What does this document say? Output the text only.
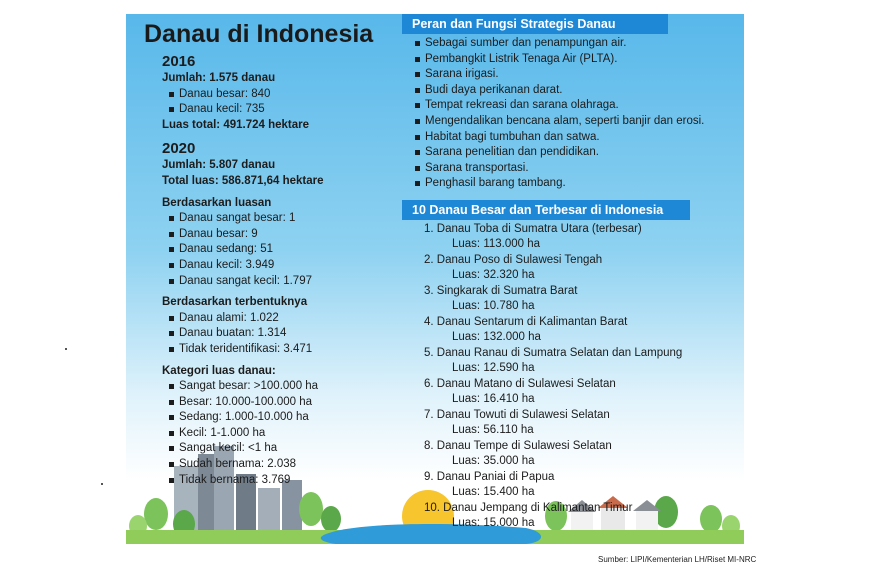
Danau di Indonesia
2016
Jumlah: 1.575 danau
Danau besar: 840
Danau kecil: 735
Luas total: 491.724 hektare
2020
Jumlah: 5.807 danau
Total luas: 586.871,64 hektare
Berdasarkan luasan
Danau sangat besar: 1
Danau besar: 9
Danau sedang: 51
Danau kecil: 3.949
Danau sangat kecil: 1.797
Berdasarkan terbentuknya
Danau alami: 1.022
Danau buatan: 1.314
Tidak teridentifikasi: 3.471
Kategori luas danau:
Sangat besar: >100.000 ha
Besar: 10.000-100.000 ha
Sedang: 1.000-10.000 ha
Kecil: 1-1.000 ha
Sangat kecil: <1 ha
Sudah bernama: 2.038
Tidak bernama: 3.769
Peran dan Fungsi Strategis Danau
Sebagai sumber dan penampungan air.
Pembangkit Listrik Tenaga Air (PLTA).
Sarana irigasi.
Budi daya perikanan darat.
Tempat rekreasi dan sarana olahraga.
Mengendalikan bencana alam, seperti banjir dan erosi.
Habitat bagi tumbuhan dan satwa.
Sarana penelitian dan pendidikan.
Sarana transportasi.
Penghasil barang tambang.
10 Danau Besar dan Terbesar di Indonesia
1. Danau Toba di Sumatra Utara (terbesar)
Luas: 113.000 ha
2. Danau Poso di Sulawesi Tengah
Luas: 32.320 ha
3. Singkarak di Sumatra Barat
Luas: 10.780 ha
4. Danau Sentarum di Kalimantan Barat
Luas: 132.000 ha
5. Danau Ranau di Sumatra Selatan dan Lampung
Luas: 12.590 ha
6. Danau Matano di Sulawesi Selatan
Luas: 16.410 ha
7. Danau Towuti di Sulawesi Selatan
Luas: 56.110 ha
8. Danau Tempe di Sulawesi Selatan
Luas: 35.000 ha
9. Danau Paniai di Papua
Luas: 15.400 ha
10. Danau Jempang di Kalimantan Timur
Luas: 15.000 ha
Sumber: LIPI/Kementerian LH/Riset MI-NRC
